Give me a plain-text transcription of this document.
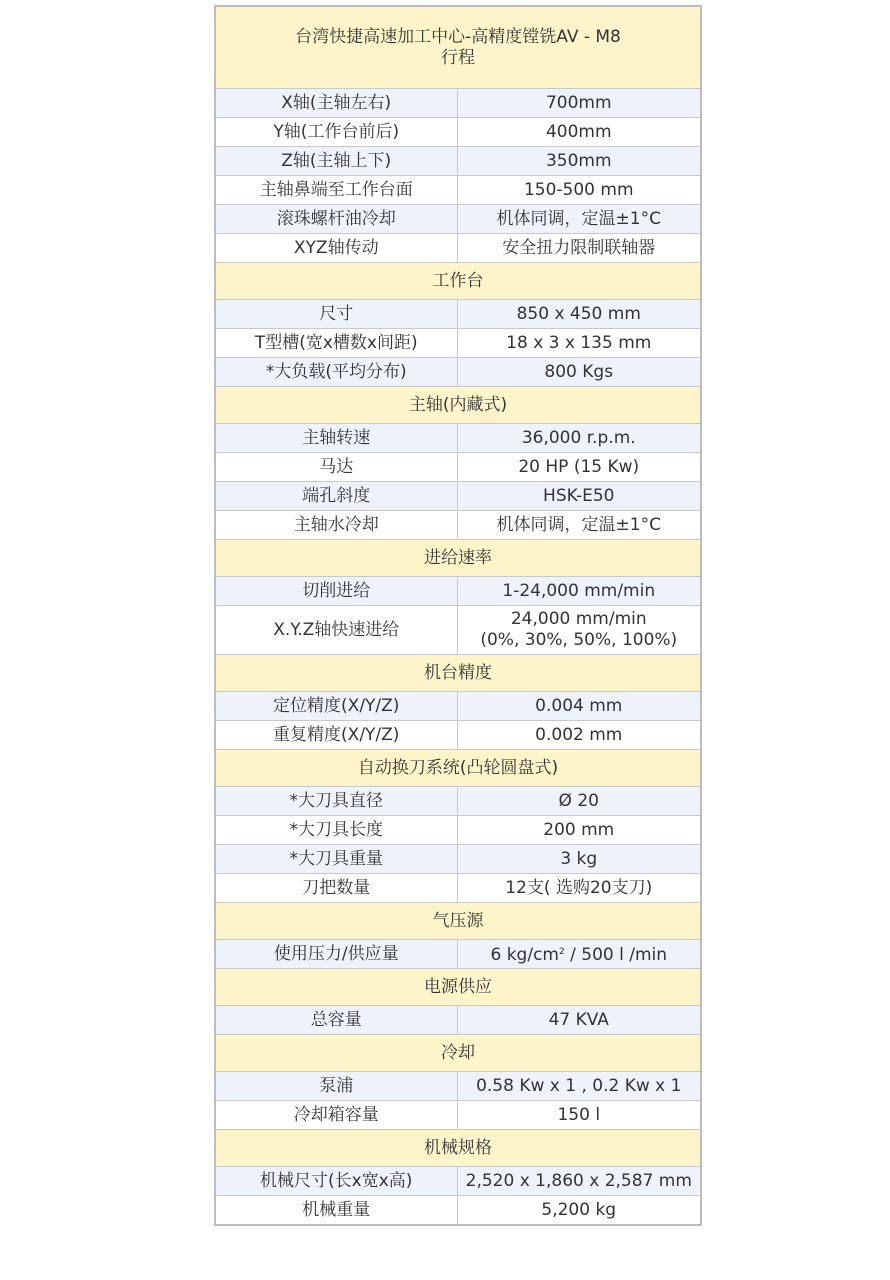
台湾快捷高速加工中心-高精度镗铣AV - M8
行程	

X轴(主轴左右)	700mm
Y轴(工作台前后)	400mm
Z轴(主轴上下)	350mm
主轴鼻端至工作台面	150-500 mm
滚珠螺杆油冷却	机体同调，定温±1°C
XYZ轴传动	安全扭力限制联轴器
工作台	
尺寸	850 x 450 mm
T型槽(宽x槽数x间距)	18 x 3 x 135 mm
*大负载(平均分布)	800 Kgs
主轴(内藏式)	
主轴转速	36,000 r.p.m.
马达	20 HP (15 Kw)
端孔斜度	HSK-E50
主轴水冷却	机体同调，定温±1°C
进给速率	
切削进给	1-24,000 mm/min
X.Y.Z轴快速进给	24,000 mm/min
(0%, 30%, 50%, 100%)

机台精度	
定位精度(X/Y/Z)	0.004 mm
重复精度(X/Y/Z)	0.002 mm
自动换刀系统(凸轮圆盘式)	
*大刀具直径	Ø 20
*大刀具长度	200 mm
*大刀具重量	3 kg
刀把数量	12支( 选购20支刀)
气压源	
使用压力/供应量	6 $kg/cm^2 / 500$ l /min
电源供应	
总容量	47 KVA
冷却	
泵浦	0.58 Kw x 1 , 0.2 Kw x 1
冷却箱容量	150 l
机械规格	
机械尺寸(长x宽x高)	2,520 x 1,860 x 2,587 mm
机械重量	5,200 kg
